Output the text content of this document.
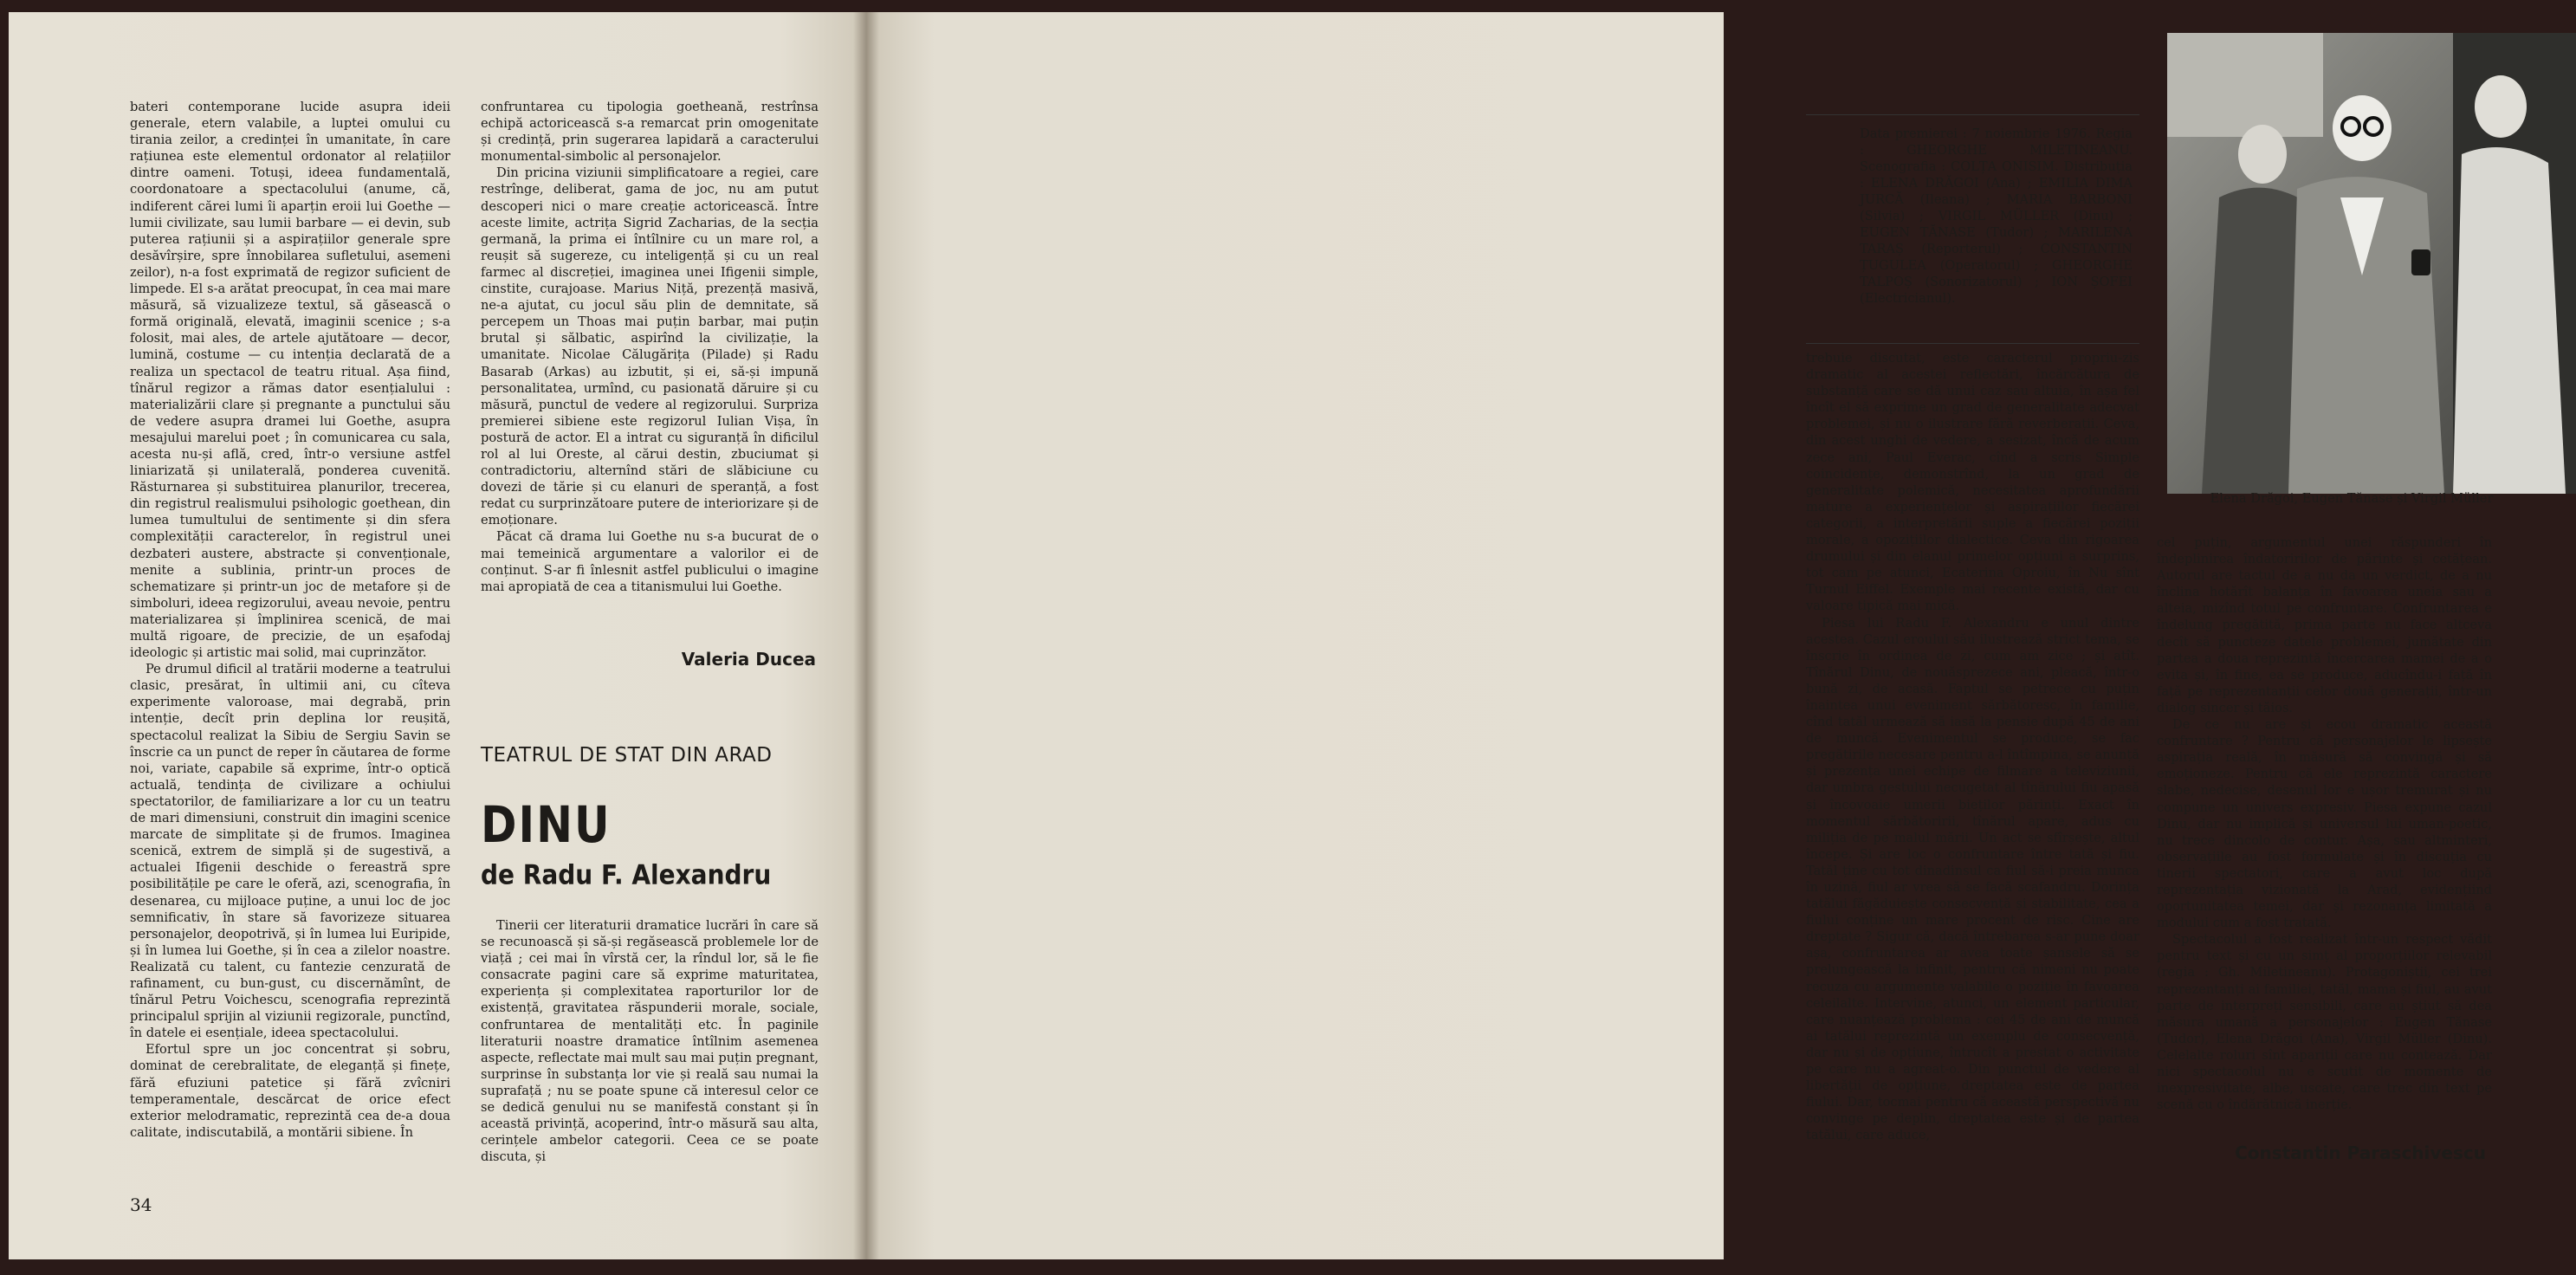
bateri contemporane lucide asupra ideii generale, etern valabile, a luptei omului cu tirania zeilor, a credinței în umanitate, în care rațiunea este elementul ordonator al relațiilor dintre oameni. Totuși, ideea fundamentală, coordonatoare a spectacolului (anume, că, indiferent cărei lumi îi aparțin eroii lui Goethe — lumii civilizate, sau lumii barbare — ei devin, sub puterea rațiunii și a aspirațiilor generale spre desăvîrșire, spre înnobilarea sufletului, asemeni zeilor), n-a fost exprimată de regizor suficient de limpede. El s-a arătat preocupat, în cea mai mare măsură, să vizualizeze textul, să găsească o formă originală, elevată, imaginii scenice ; s-a folosit, mai ales, de artele ajutătoare — decor, lumină, costume — cu intenția declarată de a realiza un spectacol de teatru ritual. Așa fiind, tînărul regizor a rămas dator esențialului : materializării clare și pregnante a punctului său de vedere asupra dramei lui Goethe, asupra mesajului marelui poet ; în comunicarea cu sala, acesta nu-și află, cred, într-o versiune astfel liniarizată și unilaterală, ponderea cuvenită. Răsturnarea și substituirea planurilor, trecerea, din registrul realismului psihologic goethean, din lumea tumultului de sentimente și din sfera complexității caracterelor, în registrul unei dezbateri austere, abstracte și convenționale, menite a sublinia, printr-un proces de schematizare și printr-un joc de metafore și de simboluri, ideea regizorului, aveau nevoie, pentru materializarea și împlinirea scenică, de mai multă rigoare, de precizie, de un eșafodaj ideologic și artistic mai solid, mai cuprinzător.

Pe drumul dificil al tratării moderne a teatrului clasic, presărat, în ultimii ani, cu cîteva experimente valoroase, mai degrabă, prin intenție, decît prin deplina lor reușită, spectacolul realizat la Sibiu de Sergiu Savin se înscrie ca un punct de reper în căutarea de forme noi, variate, capabile să exprime, într-o optică actuală, tendința de civilizare a ochiului spectatorilor, de familiarizare a lor cu un teatru de mari dimensiuni, construit din imagini scenice marcate de simplitate și de frumos. Imaginea scenică, extrem de simplă și de sugestivă, a actualei Ifigenii deschide o fereastră spre posibilitățile pe care le oferă, azi, scenografia, în desenarea, cu mijloace puține, a unui loc de joc semnificativ, în stare să favorizeze situarea personajelor, deopotrivă, și în lumea lui Euripide, și în lumea lui Goethe, și în cea a zilelor noastre. Realizată cu talent, cu fantezie cenzurată de rafinament, cu bun-gust, cu discernămînt, de tînărul Petru Voichescu, scenografia reprezintă principalul sprijin al viziunii regizorale, punctînd, în datele ei esențiale, ideea spectacolului.

Efortul spre un joc concentrat și sobru, dominat de cerebralitate, de eleganță și finețe, fără efuziuni patetice și fără zvîcniri temperamentale, descărcat de orice efect exterior melodramatic, reprezintă cea de-a doua calitate, indiscutabilă, a montării sibiene. În

confruntarea cu tipologia goetheană, restrînsa echipă actoricească s-a remarcat prin omogenitate și credință, prin sugerarea lapidară a caracterului monumental-simbolic al personajelor.

Din pricina viziunii simplificatoare a regiei, care restrînge, deliberat, gama de joc, nu am putut descoperi nici o mare creație actoricească. Între aceste limite, actrița Sigrid Zacharias, de la secția germană, la prima ei întîlnire cu un mare rol, a reușit să sugereze, cu inteligență și cu un real farmec al discreției, imaginea unei Ifigenii simple, cinstite, curajoase. Marius Niță, prezență masivă, ne-a ajutat, cu jocul său plin de demnitate, să percepem un Thoas mai puțin barbar, mai puțin brutal și sălbatic, aspirînd la civilizație, la umanitate. Nicolae Călugărița (Pilade) și Radu Basarab (Arkas) au izbutit, și ei, să-și impună personalitatea, urmînd, cu pasionată dăruire și cu măsură, punctul de vedere al regizorului. Surpriza premierei sibiene este regizorul Iulian Vișa, în postură de actor. El a intrat cu siguranță în dificilul rol al lui Oreste, al cărui destin, zbuciumat și contradictoriu, alternînd stări de slăbiciune cu dovezi de tărie și cu elanuri de speranță, a fost redat cu surprinzătoare putere de interiorizare și de emoționare.

Păcat că drama lui Goethe nu s-a bucurat de o mai temeinică argumentare a valorilor ei de conținut. S-ar fi înlesnit astfel publicului o imagine mai apropiată de cea a titanismului lui Goethe.

Valeria Ducea
TEATRUL DE STAT DIN ARAD
DINU
de Radu F. Alexandru

Tinerii cer literaturii dramatice lucrări în care să se recunoască și să-și regăsească problemele lor de viață ; cei mai în vîrstă cer, la rîndul lor, să le fie consacrate pagini care să exprime maturitatea, experiența și complexitatea raporturilor lor de existență, gravitatea răspunderii morale, sociale, confruntarea de mentalități etc. În paginile literaturii noastre dramatice întîlnim asemenea aspecte, reflectate mai mult sau mai puțin pregnant, surprinse în substanța lor vie și reală sau numai la suprafață ; nu se poate spune că interesul celor ce se dedică genului nu se manifestă constant și în această privință, acoperind, într-o măsură sau alta, cerințele ambelor categorii. Ceea ce se poate discuta, și

34

Data premierei : 7 noiembrie 1976. Regia : GHEORGHE MILETINEANU. Scenografia : COLȚA ONISIM. Distribuția : ELENA DRĂGOI (Ana) ; EMILIA DIMA JURCĂ (Ileana) ; MARIA BARBONI (Silvia) ; VIRGIL MÜLLER (Dinu) ; EUGEN TĂNASE (Tudor) ; MARILENA TARAȘ (Reporterul) ; CONSTANTIN ȚUGULEA (Operatorul) ; GHEORGHE TALPOȘ (Sonorizatorul) ; ION ȘOFEI (Electricianul).

Elena Drăgoi, Eugen Tănase și Virgil Müller

trebuie discutat, este caracterul propriu-zis dramatic al acestei reflectări, încărcătura de substanță care se dă unui caz sau altuia, în așa fel încît el să exprime un grad de generalitate adecvat problemei, și nu o ilustrare fără reverberații. Ceva, din acest unghi de vedere, a sesizat, încă de acum zece ani, Paul Everac, cînd a scris Simple coincidențe, demonstrînd, la un grad de generalitate polemică, necesitatea aprofundării mature a experiențelor și aspirațiilor fiecărei categorii, a interpretării suple a fiecărei poziții morale, a opozițiilor dialectice. Ceva din rigoarea drumului și din elanul primelor opțiuni a surprins, tot cam pe atunci, Ecaterina Oproiu, în Nu sînt Turnul Eiffel. Exemple mai recente există, dar cu valoare tipică mai mică.

Piesa lui Radu F. Alexandru e unul dintre acestea. Cazul eroului său ilustrează strict tema, se înscrie în ordinea de zi, cum am zice ; și atît. Tînărul Dinu, de nouăsprezece ani, pleacă, într-o bună zi, de acasă. Faptul se petrece cu puțin înaintea unui eveniment sărbătoresc, în familie, cînd tatăl urmează să iasă la pensie după 45 de ani de muncă. Evenimentul se produce, se fac pregătirile necesare pentru a-l întîmpina, se anunță și prezența unei echipe de filmare a televiziunii, dar umbra gestului necugetat al tînărului fiu apasă și încovoaie umerii bieților părinți. Exact în momentul sărbătoririi, tînărul apare, adus cu miliția de pe malul mării. Un act se sfîrșește, altul începe. Și are loc o confruntare între tată și fiu. Tatăl ține cu tot dinadinsul ca fiul să-i preia munca în uzină, fiul ar vrea să se facă scafandru. Dorința tatălui făgăduiește consecvență și stabilitate, cea a fiului conține un mare procent de risc. Cine are dreptate ? Sigur că, dacă întrebarea s-ar pune doar așa, confruntarea ar avea toate șansele să se prelungească la infinit, pentru că nimeni nu poate recuza cu argumente valabile o poziție în favoarea celeilalte. Intervine, atunci, un element particular, care nuanțează problema : cei 45 de ani de muncă ai tatălui reprezintă un exemplu de consecvență, dar nu și de opțiune, întrucît a prestat o activitate pe care nu a agreat-o. Din punctul de vedere al libertății de opțiune, dreptatea este de partea fiului. Dar, tocmai pentru că această perspectivă nu convinge pe deplin, dreptatea este și de partea tatălui, care aduce,

cel puțin, argumentul unei răspunderi în îndeplinirea îndatoririlor de părinte și cetățean. Autorul are tactul de a nu da un verdict, de a nu înclina hotărît balanța în favoarea uneia sau a alteia, mizînd totul pe confruntare. Confruntarea e îndelung pregătită, prima parte nu face altceva decît să puncteze datele problemei, jumătate din partea a doua reprezintă încercarea mamei de a o evita și, în fine, ea se produce, aducîndu-i față în față pe reprezentanții celor două generații, într-un dialog sincer și tăios.

De ce nu are și ecou dramatic această confruntare ? Pentru că personajelor le lipsește aspirația reală, în măsură să convingă și să emoționeze. Pentru că ele reprezintă caractere slabe, nedecise, desenul lor e ușor tremurat și nu compune un univers expresiv. Piesa expune cazul Dinu, dar nu implică și universul lui uman-poetic, nu trece dincolo de contur. Așa, sau altminteri, observațiile au fost formulate și în discuția cu tinerii spectatori, care a avut loc după reprezentația vizionată la Arad, evidențiind oportunitatea temei, dar și rezonanța limitată a modului cum a fost tratată.

Spectacolul a fost realizat într-un respect vădit pentru text și cu un simț al proporțiilor relevabil (regia : Gh. Miletineanu). Protagoniștii, cei trei reprezentanți ai familiei, tatăl, mama și fiul, au avut parte de interpreți sensibili, care au știut să dea măsura umană a personajelor : Eugen Tănase (Tudor), Elena Drăgoi (Ana), Virgil Müller (Dinu). Celelalte roluri sînt apariții care nu contează. Dar nici spectacolul nu e scutit de momente de inexpresivitate, albe, uscate, care trec din text pe scenă cu o îndărătnică inerție.

Constantin Paraschivescu
